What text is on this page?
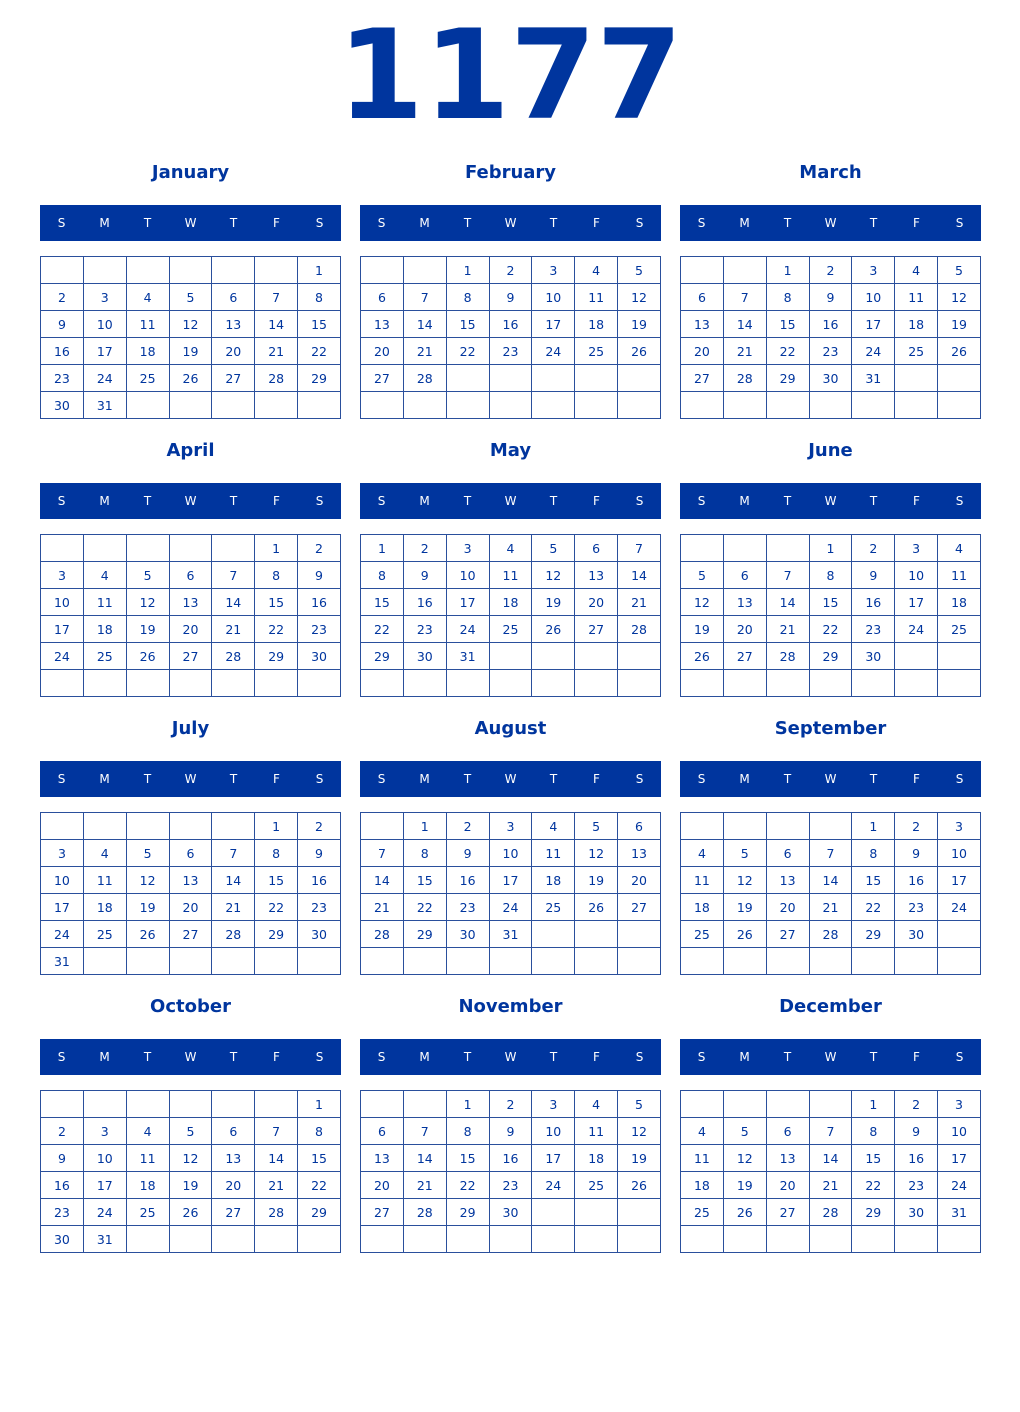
1177
January
S	M	T	W	T	F	S
						1
2	3	4	5	6	7	8
9	10	11	12	13	14	15
16	17	18	19	20	21	22
23	24	25	26	27	28	29
30	31					
February
S	M	T	W	T	F	S
		1	2	3	4	5
6	7	8	9	10	11	12
13	14	15	16	17	18	19
20	21	22	23	24	25	26
27	28					

March
S	M	T	W	T	F	S
		1	2	3	4	5
6	7	8	9	10	11	12
13	14	15	16	17	18	19
20	21	22	23	24	25	26
27	28	29	30	31		

April
S	M	T	W	T	F	S
					1	2
3	4	5	6	7	8	9
10	11	12	13	14	15	16
17	18	19	20	21	22	23
24	25	26	27	28	29	30

May
S	M	T	W	T	F	S
1	2	3	4	5	6	7
8	9	10	11	12	13	14
15	16	17	18	19	20	21
22	23	24	25	26	27	28
29	30	31				

June
S	M	T	W	T	F	S
			1	2	3	4
5	6	7	8	9	10	11
12	13	14	15	16	17	18
19	20	21	22	23	24	25
26	27	28	29	30		

July
S	M	T	W	T	F	S
					1	2
3	4	5	6	7	8	9
10	11	12	13	14	15	16
17	18	19	20	21	22	23
24	25	26	27	28	29	30
31						
August
S	M	T	W	T	F	S
	1	2	3	4	5	6
7	8	9	10	11	12	13
14	15	16	17	18	19	20
21	22	23	24	25	26	27
28	29	30	31			

September
S	M	T	W	T	F	S
				1	2	3
4	5	6	7	8	9	10
11	12	13	14	15	16	17
18	19	20	21	22	23	24
25	26	27	28	29	30	

October
S	M	T	W	T	F	S
						1
2	3	4	5	6	7	8
9	10	11	12	13	14	15
16	17	18	19	20	21	22
23	24	25	26	27	28	29
30	31					
November
S	M	T	W	T	F	S
		1	2	3	4	5
6	7	8	9	10	11	12
13	14	15	16	17	18	19
20	21	22	23	24	25	26
27	28	29	30			

December
S	M	T	W	T	F	S
				1	2	3
4	5	6	7	8	9	10
11	12	13	14	15	16	17
18	19	20	21	22	23	24
25	26	27	28	29	30	31
